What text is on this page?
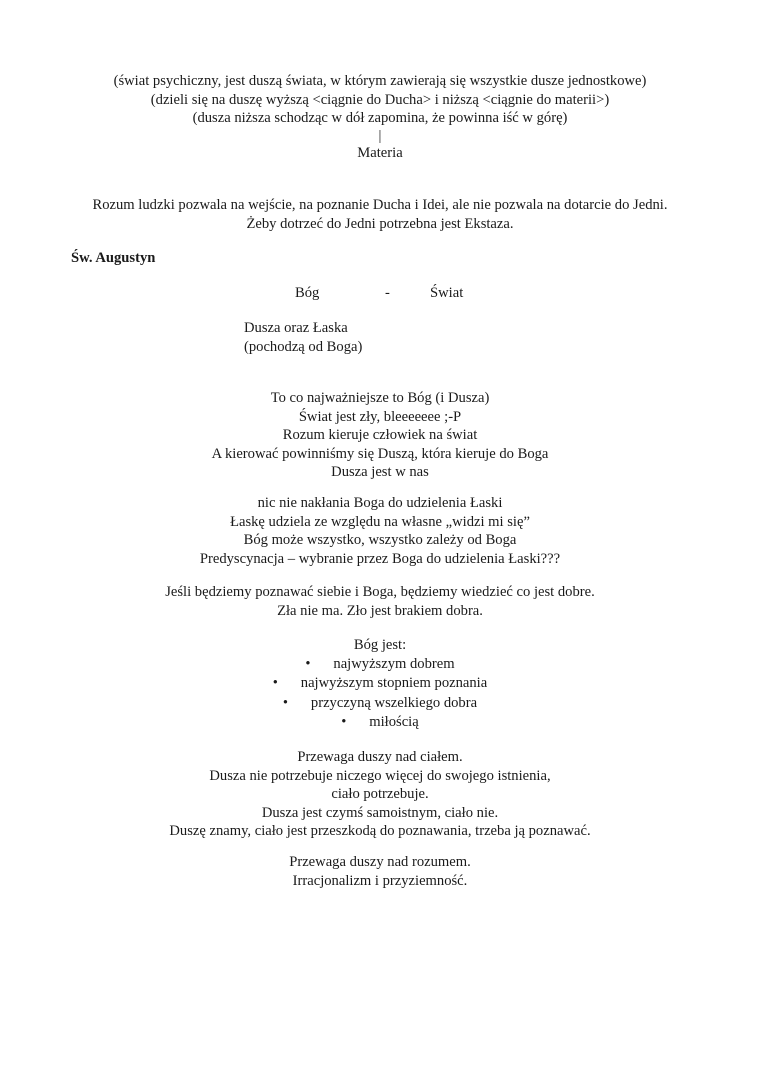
(świat psychiczny, jest duszą świata, w którym zawierają się wszystkie dusze jednostkowe)
(dzieli się na duszę wyższą <ciągnie do Ducha> i niższą <ciągnie do materii>)
(dusza niższa schodząc w dół zapomina, że powinna iść w górę)
|
Materia
Rozum ludzki pozwala na wejście, na poznanie Ducha i Idei, ale nie pozwala na dotarcie do Jedni.
Żeby dotrzeć do Jedni potrzebna jest Ekstaza.
Św. Augustyn
Bóg	-	Świat
Dusza oraz Łaska
(pochodzą od Boga)
To co najważniejsze to Bóg (i Dusza)
Świat jest zły, bleeeeeee ;-P
Rozum kieruje człowiek na świat
A kierować powinniśmy się Duszą, która kieruje do Boga
Dusza jest w nas
nic nie nakłania Boga do udzielenia Łaski
Łaskę udziela ze względu na własne „widzi mi się”
Bóg może wszystko, wszystko zależy od Boga
Predyscynacja – wybranie przez Boga do udzielenia Łaski???
Jeśli będziemy poznawać siebie i Boga, będziemy wiedzieć co jest dobre.
Zła nie ma. Zło jest brakiem dobra.
Bóg jest:
• najwyższym dobrem
• najwyższym stopniem poznania
• przyczyną wszelkiego dobra
• miłością
Przewaga duszy nad ciałem.
Dusza nie potrzebuje niczego więcej do swojego istnienia,
ciało potrzebuje.
Dusza jest czymś samoistnym, ciało nie.
Duszę znamy, ciało jest przeszkodą do poznawania, trzeba ją poznawać.
Przewaga duszy nad rozumem.
Irracjonalizm i przyziemność.
